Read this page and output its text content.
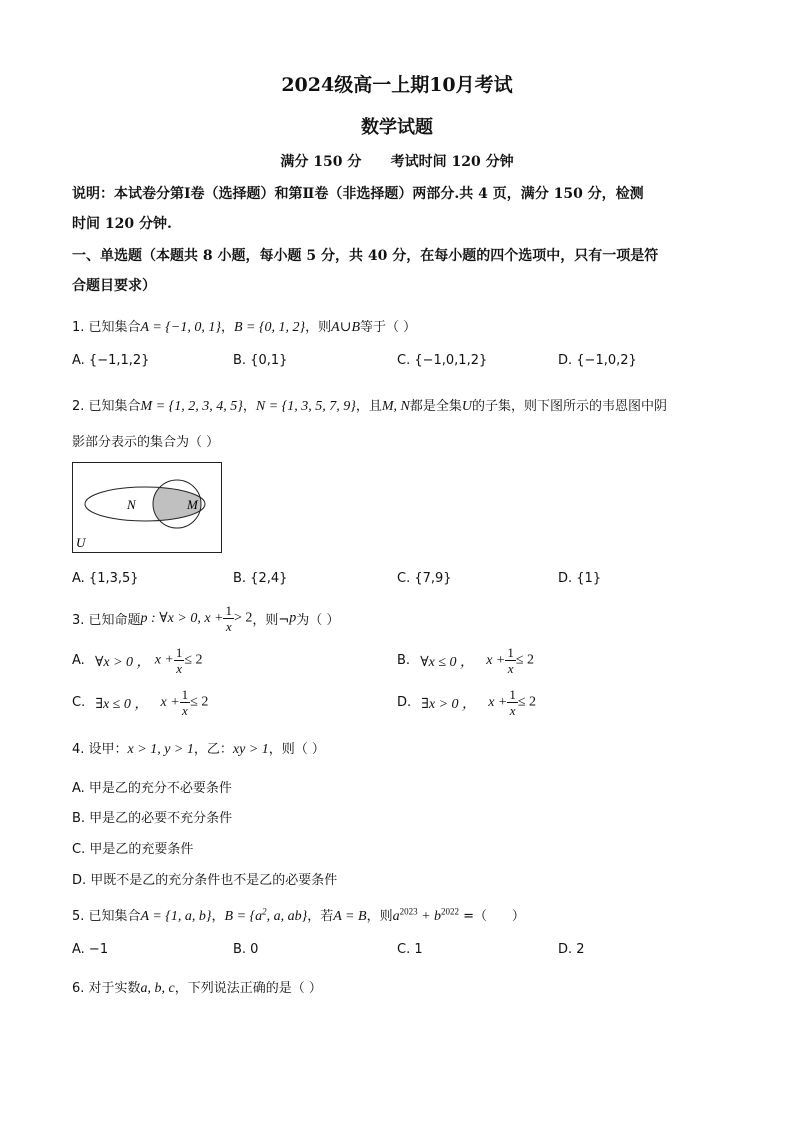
2024级高一上期10月考试
数学试题
满分 150 分      考试时间 120 分钟
说明：本试卷分第Ⅰ卷（选择题）和第Ⅱ卷（非选择题）两部分.共 4 页，满分 150 分，检测
时间 120 分钟.
一、单选题（本题共 8 小题，每小题 5 分，共 40 分，在每小题的四个选项中，只有一项是符
合题目要求）
1. 已知集合A = {−1, 0, 1}，B = {0, 1, 2}，则A∪B等于（ ）
A. {−1,1,2}	B. {0,1}	C. {−1,0,1,2}	D. {−1,0,2}
2. 已知集合M = {1, 2, 3, 4, 5}，N = {1, 3, 5, 7, 9}，且M, N都是全集U的子集，则下图所示的韦恩图中阴
影部分表示的集合为（ ）
N	M
U
A. {1,3,5}	B. {2,4}	C. {7,9}	D. {1}
3. 已知命题p : ∀x > 0, $x + \frac{1}{x} > 2$，则¬p为（ ）
A. ∀x > 0 ， $x + \frac{1}{x} \le 2$	B. ∀x ≤ 0 ， $x + \frac{1}{x} \le 2$
C. ∃x ≤ 0 ， $x + \frac{1}{x} \le 2$	D. ∃x > 0 ， $x + \frac{1}{x} \le 2$
4. 设甲：x > 1, y > 1，乙：xy > 1，则（ ）
A. 甲是乙的充分不必要条件
B. 甲是乙的必要不充分条件
C. 甲是乙的充要条件
D. 甲既不是乙的充分条件也不是乙的必要条件
5. 已知集合A = {1, a, b}，$B = \{a^2$, a, ab}，若A = B，则$a^{2023} + b^{2022}$ =（      ）
A. −1	B. 0	C. 1	D. 2
6. 对于实数a, b, c，下列说法正确的是（ ）
